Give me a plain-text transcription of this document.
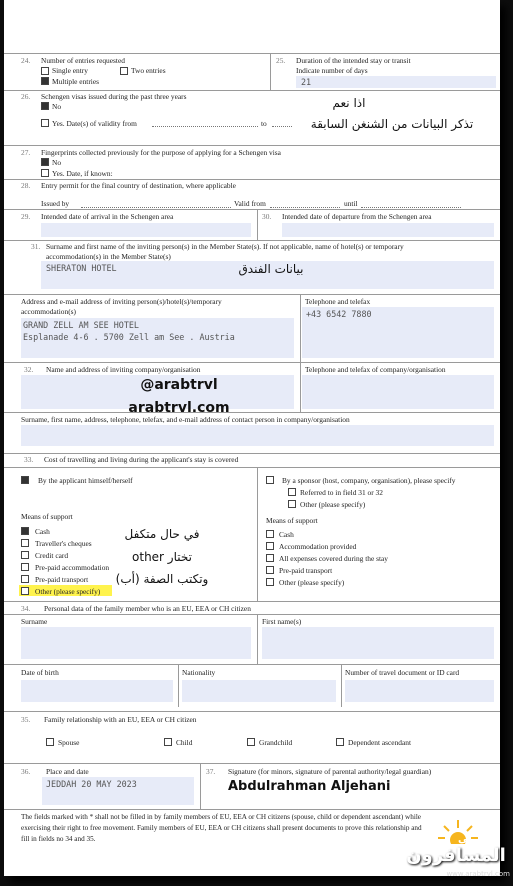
24. Number of entries requested
Single entry	Two entries
Multiple entries
25. Duration of the intended stay or transit
Indicate number of days
21
26. Schengen visas issued during the past three years
No
Yes. Date(s) of validity from	to
اذا نعم
تذكر البيانات من الشنغن السابقة
27. Fingerprints collected previously for the purpose of applying for a Schengen visa
No
Yes. Date, if known:
28. Entry permit for the final country of destination, where applicable
Issued by	Valid from	until
29. Intended date of arrival in the Schengen area	30. Intended date of departure from the Schengen area
31. Surname and first name of the inviting person(s) in the Member State(s). If not applicable, name of hotel(s) or temporary
accommodation(s) in the Member State(s)
SHERATON HOTEL	بيانات الفندق
Address and e-mail address of inviting person(s)/hotel(s)/temporary
accommodation(s)
GRAND ZELL AM SEE HOTEL
Esplanade 4-6 . 5700 Zell am See . Austria
Telephone and telefax
+43 6542 7880
32. Name and address of inviting company/organisation	Telephone and telefax of company/organisation
@arabtrvl
arabtrvl.com
Surname, first name, address, telephone, telefax, and e-mail address of contact person in company/organisation
33. Cost of travelling and living during the applicant's stay is covered
By the applicant himself/herself
Means of support
Cash
Traveller's cheques
Credit card
Pre-paid accommodation
Pre-paid transport
Other (please specify)
في حال متكفل
تختار other
وتكتب الصفة (أب)
By a sponsor (host, company, organisation), please specify
Referred to in field 31 or 32
Other (please specify)
Means of support
Cash
Accommodation provided
All expenses covered during the stay
Pre-paid transport
Other (please specify)
34. Personal data of the family member who is an EU, EEA or CH citizen
Surname	First name(s)
Date of birth	Nationality	Number of travel document or ID card
35. Family relationship with an EU, EEA or CH citizen
Spouse	Child	Grandchild	Dependent ascendant
36. Place and date
JEDDAH 20 MAY 2023
37. Signature (for minors, signature of parental authority/legal guardian)
Abdulrahman Aljehani
The fields marked with * shall not be filled in by family members of EU, EEA or CH citizens (spouse, child or dependent ascendant) while
exercising their right to free movement. Family members of EU, EEA or CH citizens shall present documents to prove this relationship and
fill in fields no 34 and 35.	العربي
المسافرون
www.arabtrvl.com
